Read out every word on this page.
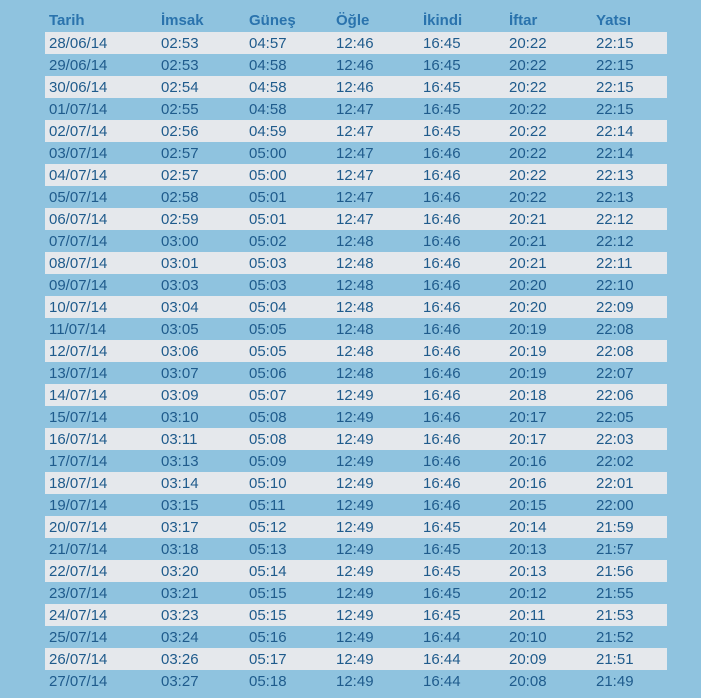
Tarih	İmsak	Güneş	Öğle	İkindi	İftar	Yatsı
28/06/14	02:53	04:57	12:46	16:45	20:22	22:15
29/06/14	02:53	04:58	12:46	16:45	20:22	22:15
30/06/14	02:54	04:58	12:46	16:45	20:22	22:15
01/07/14	02:55	04:58	12:47	16:45	20:22	22:15
02/07/14	02:56	04:59	12:47	16:45	20:22	22:14
03/07/14	02:57	05:00	12:47	16:46	20:22	22:14
04/07/14	02:57	05:00	12:47	16:46	20:22	22:13
05/07/14	02:58	05:01	12:47	16:46	20:22	22:13
06/07/14	02:59	05:01	12:47	16:46	20:21	22:12
07/07/14	03:00	05:02	12:48	16:46	20:21	22:12
08/07/14	03:01	05:03	12:48	16:46	20:21	22:11
09/07/14	03:03	05:03	12:48	16:46	20:20	22:10
10/07/14	03:04	05:04	12:48	16:46	20:20	22:09
11/07/14	03:05	05:05	12:48	16:46	20:19	22:08
12/07/14	03:06	05:05	12:48	16:46	20:19	22:08
13/07/14	03:07	05:06	12:48	16:46	20:19	22:07
14/07/14	03:09	05:07	12:49	16:46	20:18	22:06
15/07/14	03:10	05:08	12:49	16:46	20:17	22:05
16/07/14	03:11	05:08	12:49	16:46	20:17	22:03
17/07/14	03:13	05:09	12:49	16:46	20:16	22:02
18/07/14	03:14	05:10	12:49	16:46	20:16	22:01
19/07/14	03:15	05:11	12:49	16:46	20:15	22:00
20/07/14	03:17	05:12	12:49	16:45	20:14	21:59
21/07/14	03:18	05:13	12:49	16:45	20:13	21:57
22/07/14	03:20	05:14	12:49	16:45	20:13	21:56
23/07/14	03:21	05:15	12:49	16:45	20:12	21:55
24/07/14	03:23	05:15	12:49	16:45	20:11	21:53
25/07/14	03:24	05:16	12:49	16:44	20:10	21:52
26/07/14	03:26	05:17	12:49	16:44	20:09	21:51
27/07/14	03:27	05:18	12:49	16:44	20:08	21:49
